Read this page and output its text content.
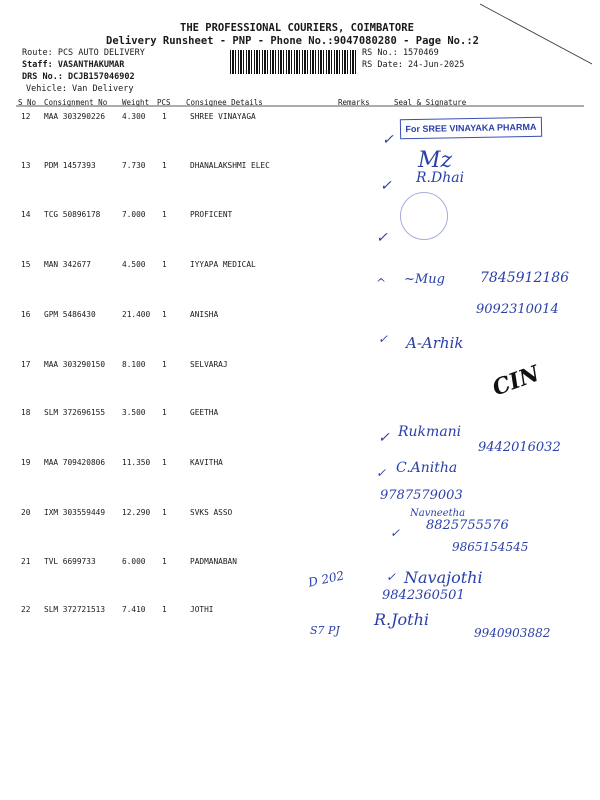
THE PROFESSIONAL COURIERS, COIMBATORE
Delivery Runsheet - PNP - Phone No.:9047080280 - Page No.:2
Route: PCS AUTO DELIVERY
Staff: VASANTHAKUMAR
DRS No.: DCJB157046902
Vehicle: Van Delivery
RS No.: 1570469
RS Date: 24-Jun-2025
S No Consignment No Weight PCS Consignee Details	Remarks	Seal & Signature
12 MAA 303290226 4.300 1	SHREE VINAYAGA
13 PDM 1457393	7.730 1	DHANALAKSHMI ELEC
14 TCG 50896178	7.000 1	PROFICENT
15 MAN 342677	4.500 1	IYYAPA MEDICAL
16 GPM 5486430	21.400 1	ANISHA
17 MAA 303290150 8.100 1	SELVARAJ
18 SLM 372696155 3.500 1	GEETHA
19 MAA 709420806 11.350 1	KAVITHA
20 IXM 303559449 12.290 1	SVKS ASSO
21 TVL 6699733	6.000 1	PADMANABAN
22 SLM 372721513 7.410 1	JOTHI
For SREE VINAYAKA PHARMA
✓
Mz
✓ R.Dhai
✓
^ ~Mug	7845912186
9092310014
✓ A-Arhik
CIN
✓ Rukmani
9442016032
✓ C.Anitha
9787579003
Navneetha
8825755576
✓
9865154545
D 202	✓ Navajothi
9842360501
S7 PJ
R.Jothi
9940903882
